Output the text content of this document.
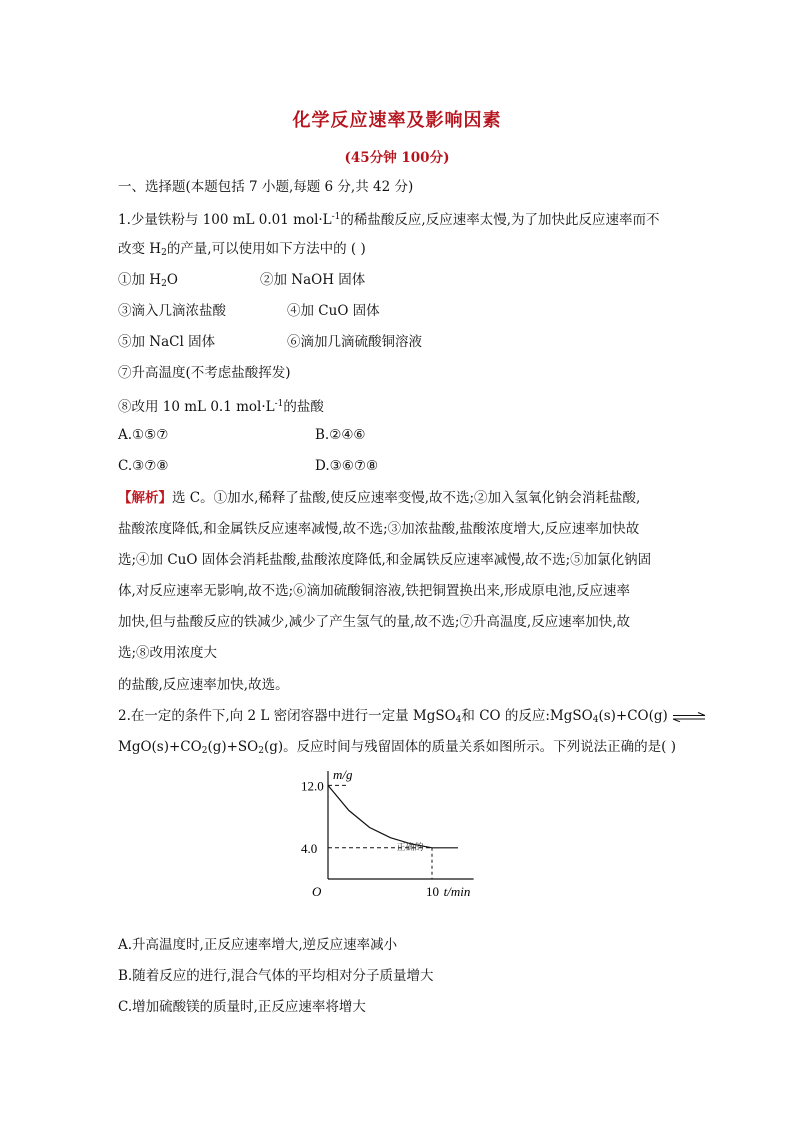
化学反应速率及影响因素
(45分钟 100分)
一、选择题(本题包括 7 小题,每题 6 分,共 42 分)
1.少量铁粉与 100 mL 0.01 $mol\cdot L^{-1}$的稀盐酸反应,反应速率太慢,为了加快此反应速率而不
改变 $H_2$的产量,可以使用如下方法中的 ( )
①加 $H_2O$	②加 NaOH 固体
③滴入几滴浓盐酸	④加 CuO 固体
⑤加 NaCl 固体	⑥滴加几滴硫酸铜溶液
⑦升高温度(不考虑盐酸挥发)
⑧改用 10 mL 0.1 $mol\cdot L^{-1}$的盐酸
A.①⑤⑦	B.②④⑥
C.③⑦⑧	D.③⑥⑦⑧
【解析】选 C。①加水,稀释了盐酸,使反应速率变慢,故不选;②加入氢氧化钠会消耗盐酸,
盐酸浓度降低,和金属铁反应速率减慢,故不选;③加浓盐酸,盐酸浓度增大,反应速率加快故
选;④加 CuO 固体会消耗盐酸,盐酸浓度降低,和金属铁反应速率减慢,故不选;⑤加氯化钠固
体,对反应速率无影响,故不选;⑥滴加硫酸铜溶液,铁把铜置换出来,形成原电池,反应速率
加快,但与盐酸反应的铁减少,减少了产生氢气的量,故不选;⑦升高温度,反应速率加快,故
选;⑧改用浓度大
的盐酸,反应速率加快,故选。
2.在一定的条件下,向 2 L 密闭容器中进行一定量 MgSO$_4$和 CO 的反应:MgSO$_4$(s)+CO(g) ⇌
$MgO(s)+CO_2(g)+SO_2(g)$。反应时间与残留固体的质量关系如图所示。下列说法正确的是( )
m/g
t/min
O
12.0
4.0
10
正确的
A.升高温度时,正反应速率增大,逆反应速率减小
B.随着反应的进行,混合气体的平均相对分子质量增大
C.增加硫酸镁的质量时,正反应速率将增大
